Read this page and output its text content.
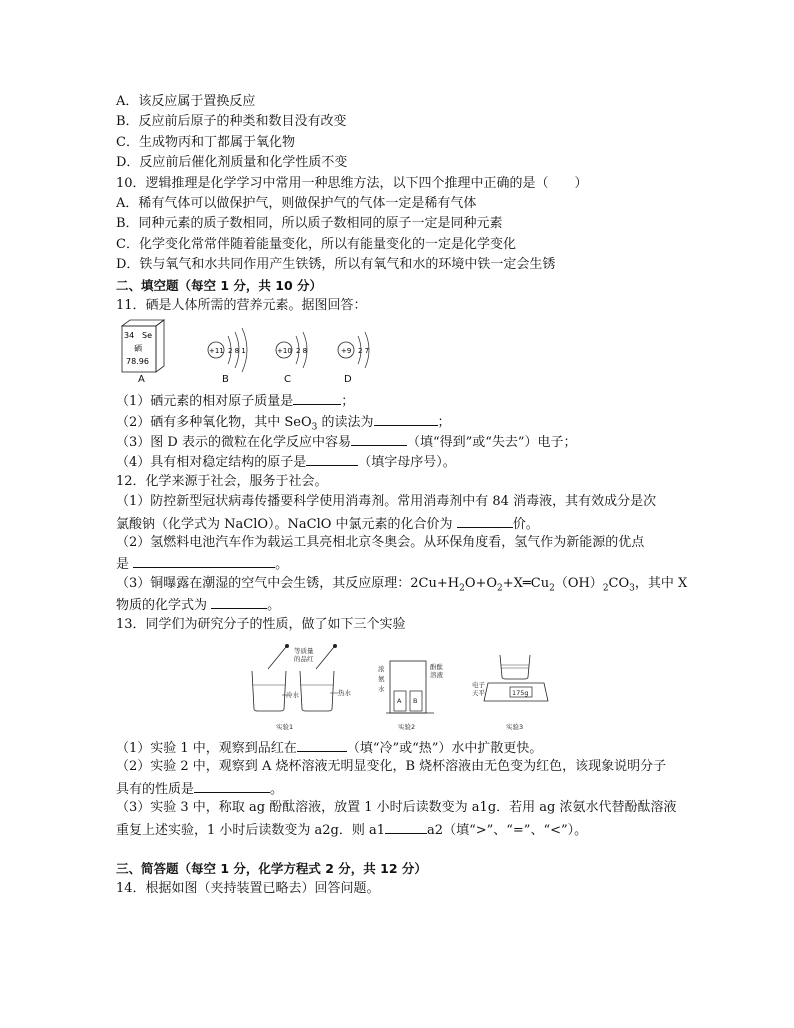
A．该反应属于置换反应
B．反应前后原子的种类和数目没有改变
C．生成物丙和丁都属于氧化物
D．反应前后催化剂质量和化学性质不变
10．逻辑推理是化学学习中常用一种思维方法，以下四个推理中正确的是（　　）
A．稀有气体可以做保护气，则做保护气的气体一定是稀有气体
B．同种元素的质子数相同，所以质子数相同的原子一定是同种元素
C．化学变化常常伴随着能量变化，所以有能量变化的一定是化学变化
D．铁与氧气和水共同作用产生铁锈，所以有氧气和水的环境中铁一定会生锈
二、填空题（每空 1 分，共 10 分）
11．硒是人体所需的营养元素。据图回答：
34 Se
硒
78.96
+11 2 8 1	+10 2 8	+9 2 7
A	B	C	D
（1）硒元素的相对原子质量是	；
（2）硒有多种氧化物，其中 SeO$_3$ 的读法为	；
（3）图 D 表示的微粒在化学反应中容易	（填“得到”或“失去”）电子；
（4）具有相对稳定结构的原子是	（填字母序号）。
12．化学来源于社会，服务于社会。
（1）防控新型冠状病毒传播要科学使用消毒剂。常用消毒剂中有 84 消毒液，其有效成分是次
氯酸钠（化学式为 NaClO）。NaClO 中氯元素的化合价为	价。
（2）氢燃料电池汽车作为载运工具亮相北京冬奥会。从环保角度看，氢气作为新能源的优点
是	。
（3）铜曝露在潮湿的空气中会生锈，其反应原理：$2Cu+H_2O+O_2+X═Cu_2(OH)_2CO_3$，其中 X
物质的化学式为	。
13．同学们为研究分子的性质，做了如下三个实验
等质量
的品红
冷水	热水
实验1
A B
浓
氨
水
酚酞
溶液
实验2
175g
电子
天平
实验3
（1）实验 1 中，观察到品红在	（填“冷”或“热”）水中扩散更快。
（2）实验 2 中，观察到 A 烧杯溶液无明显变化，B 烧杯溶液由无色变为红色，该现象说明分子
具有的性质是	。
（3）实验 3 中，称取 ag 酚酞溶液，放置 1 小时后读数变为 a1g．若用 ag 浓氨水代替酚酞溶液
重复上述实验，1 小时后读数变为 a2g．则 a1	a2（填“>”、“=”、“<”）。
三、简答题（每空 1 分，化学方程式 2 分，共 12 分）
14．根据如图（夹持装置已略去）回答问题。
